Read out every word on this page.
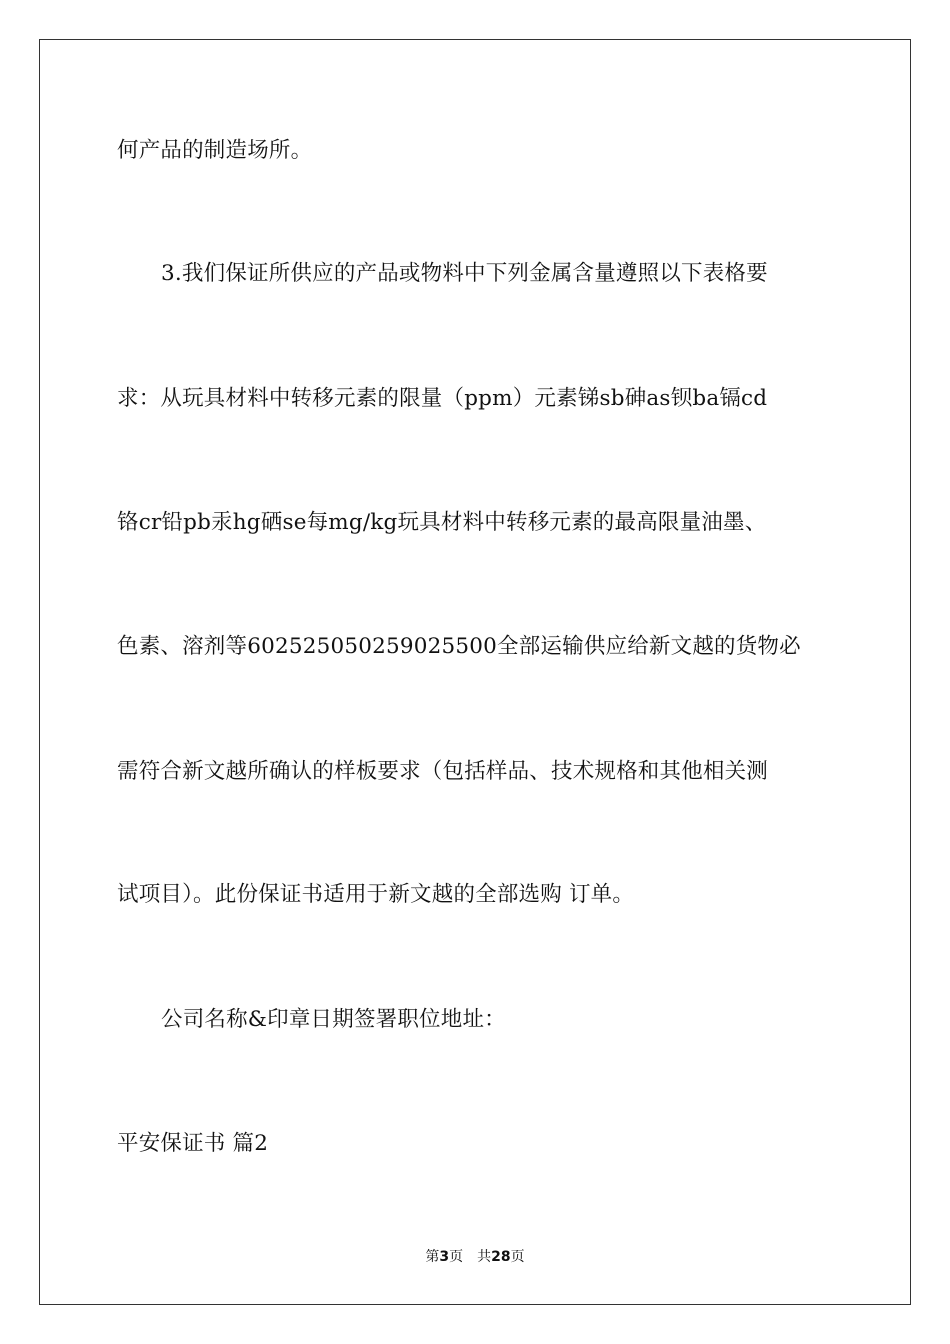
何产品的制造场所。
3.我们保证所供应的产品或物料中下列金属含量遵照以下表格要
求：从玩具材料中转移元素的限量（ppm）元素锑sb砷as钡ba镉cd
铬cr铅pb汞hg硒se每mg/kg玩具材料中转移元素的最高限量油墨、
色素、溶剂等602525050259025500全部运输供应给新文越的货物必
需符合新文越所确认的样板要求（包括样品、技术规格和其他相关测
试项目）。此份保证书适用于新文越的全部选购 订单。
公司名称&印章日期签署职位地址：
平安保证书 篇2
第3页 共28页
